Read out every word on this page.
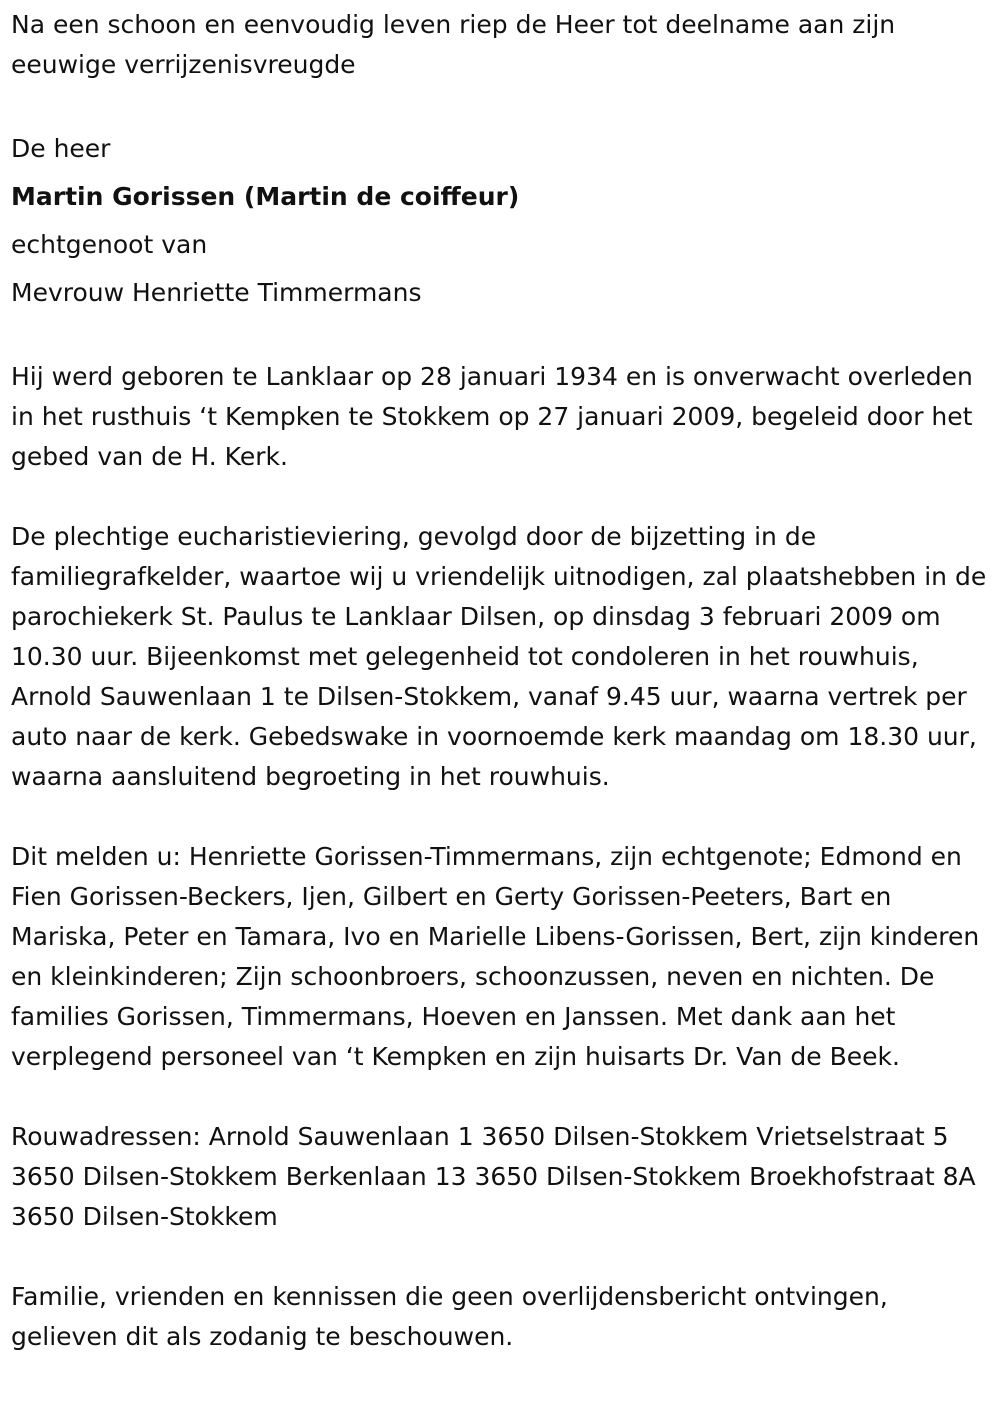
Na een schoon en eenvoudig leven riep de Heer tot deelname aan zijn eeuwige verrijzenisvreugde

De heer

Martin Gorissen (Martin de coiffeur)

echtgenoot van

Mevrouw Henriette Timmermans

Hij werd geboren te Lanklaar op 28 januari 1934 en is onverwacht overleden in het rusthuis ‘t Kempken te Stokkem op 27 januari 2009, begeleid door het gebed van de H. Kerk.

De plechtige eucharistieviering, gevolgd door de bijzetting in de familiegrafkelder, waartoe wij u vriendelijk uitnodigen, zal plaatshebben in de parochiekerk St. Paulus te Lanklaar Dilsen, op dinsdag 3 februari 2009 om 10.30 uur. Bijeenkomst met gelegenheid tot condoleren in het rouwhuis, Arnold Sauwenlaan 1 te Dilsen-Stokkem, vanaf 9.45 uur, waarna vertrek per auto naar de kerk. Gebedswake in voornoemde kerk maandag om 18.30 uur, waarna aansluitend begroeting in het rouwhuis.

Dit melden u: Henriette Gorissen-Timmermans, zijn echtgenote; Edmond en Fien Gorissen-Beckers, Ijen, Gilbert en Gerty Gorissen-Peeters, Bart en Mariska, Peter en Tamara, Ivo en Marielle Libens-Gorissen, Bert, zijn kinderen en kleinkinderen; Zijn schoonbroers, schoonzussen, neven en nichten. De families Gorissen, Timmermans, Hoeven en Janssen. Met dank aan het verplegend personeel van ‘t Kempken en zijn huisarts Dr. Van de Beek.

Rouwadressen: Arnold Sauwenlaan 1 3650 Dilsen-Stokkem Vrietselstraat 5 3650 Dilsen-Stokkem Berkenlaan 13 3650 Dilsen-Stokkem Broekhofstraat 8A 3650 Dilsen-Stokkem

Familie, vrienden en kennissen die geen overlijdensbericht ontvingen, gelieven dit als zodanig te beschouwen.
